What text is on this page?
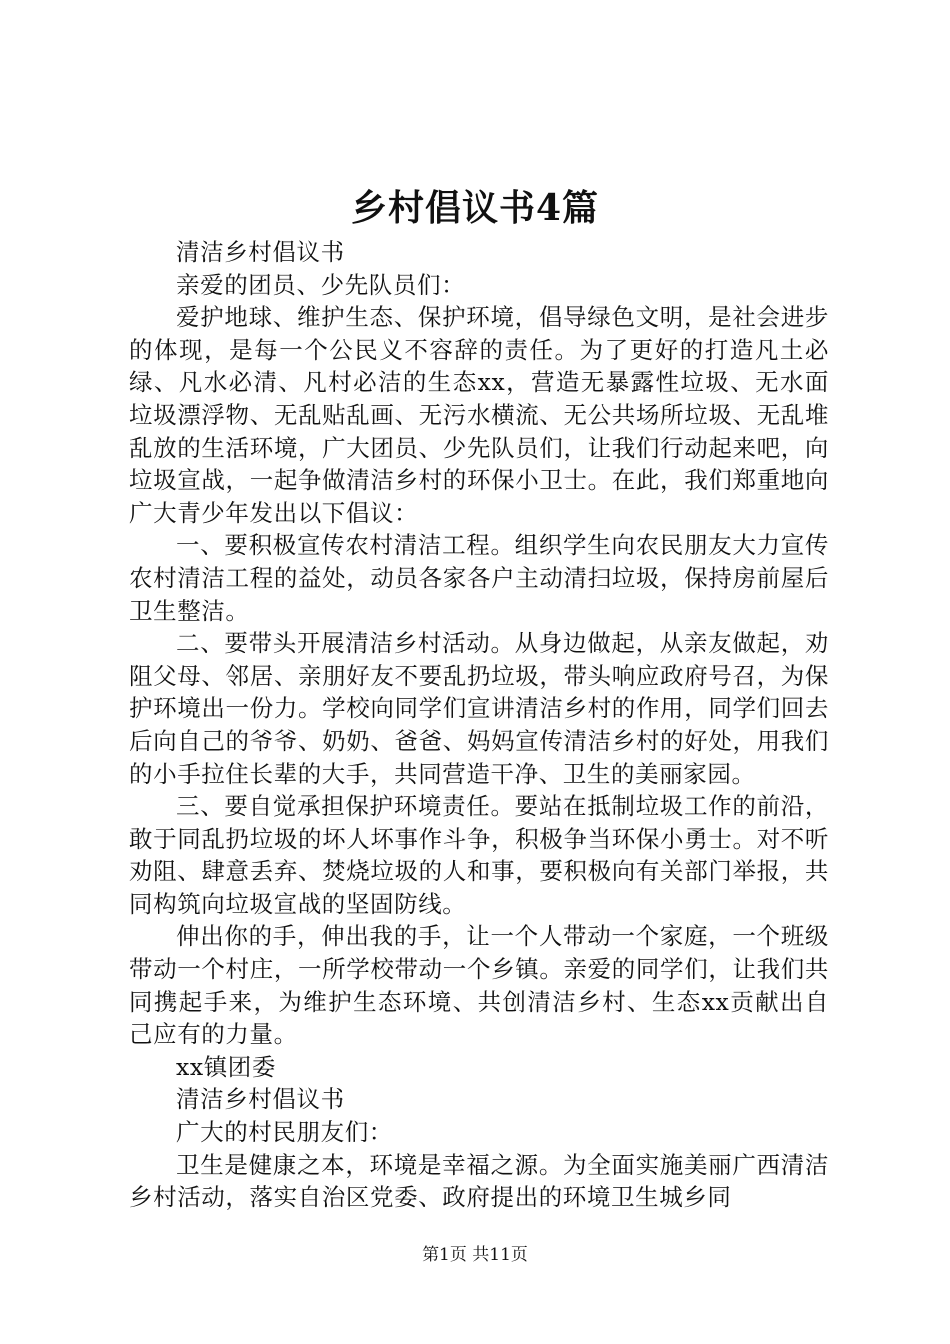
乡村倡议书4篇

清洁乡村倡议书

亲爱的团员、少先队员们：

爱护地球、维护生态、保护环境，倡导绿色文明，是社会进步的体现，是每一个公民义不容辞的责任。为了更好的打造凡土必绿、凡水必清、凡村必洁的生态xx，营造无暴露性垃圾、无水面垃圾漂浮物、无乱贴乱画、无污水横流、无公共场所垃圾、无乱堆乱放的生活环境，广大团员、少先队员们，让我们行动起来吧，向垃圾宣战，一起争做清洁乡村的环保小卫士。在此，我们郑重地向广大青少年发出以下倡议：

一、要积极宣传农村清洁工程。组织学生向农民朋友大力宣传农村清洁工程的益处，动员各家各户主动清扫垃圾，保持房前屋后卫生整洁。

二、要带头开展清洁乡村活动。从身边做起，从亲友做起，劝阻父母、邻居、亲朋好友不要乱扔垃圾，带头响应政府号召，为保护环境出一份力。学校向同学们宣讲清洁乡村的作用，同学们回去后向自己的爷爷、奶奶、爸爸、妈妈宣传清洁乡村的好处，用我们的小手拉住长辈的大手，共同营造干净、卫生的美丽家园。

三、要自觉承担保护环境责任。要站在抵制垃圾工作的前沿，敢于同乱扔垃圾的坏人坏事作斗争，积极争当环保小勇士。对不听劝阻、肆意丢弃、焚烧垃圾的人和事，要积极向有关部门举报，共同构筑向垃圾宣战的坚固防线。

伸出你的手，伸出我的手，让一个人带动一个家庭，一个班级带动一个村庄，一所学校带动一个乡镇。亲爱的同学们，让我们共同携起手来，为维护生态环境、共创清洁乡村、生态xx贡献出自己应有的力量。

xx镇团委

清洁乡村倡议书

广大的村民朋友们：

卫生是健康之本，环境是幸福之源。为全面实施美丽广西清洁乡村活动，落实自治区党委、政府提出的环境卫生城乡同

第1页 共11页
